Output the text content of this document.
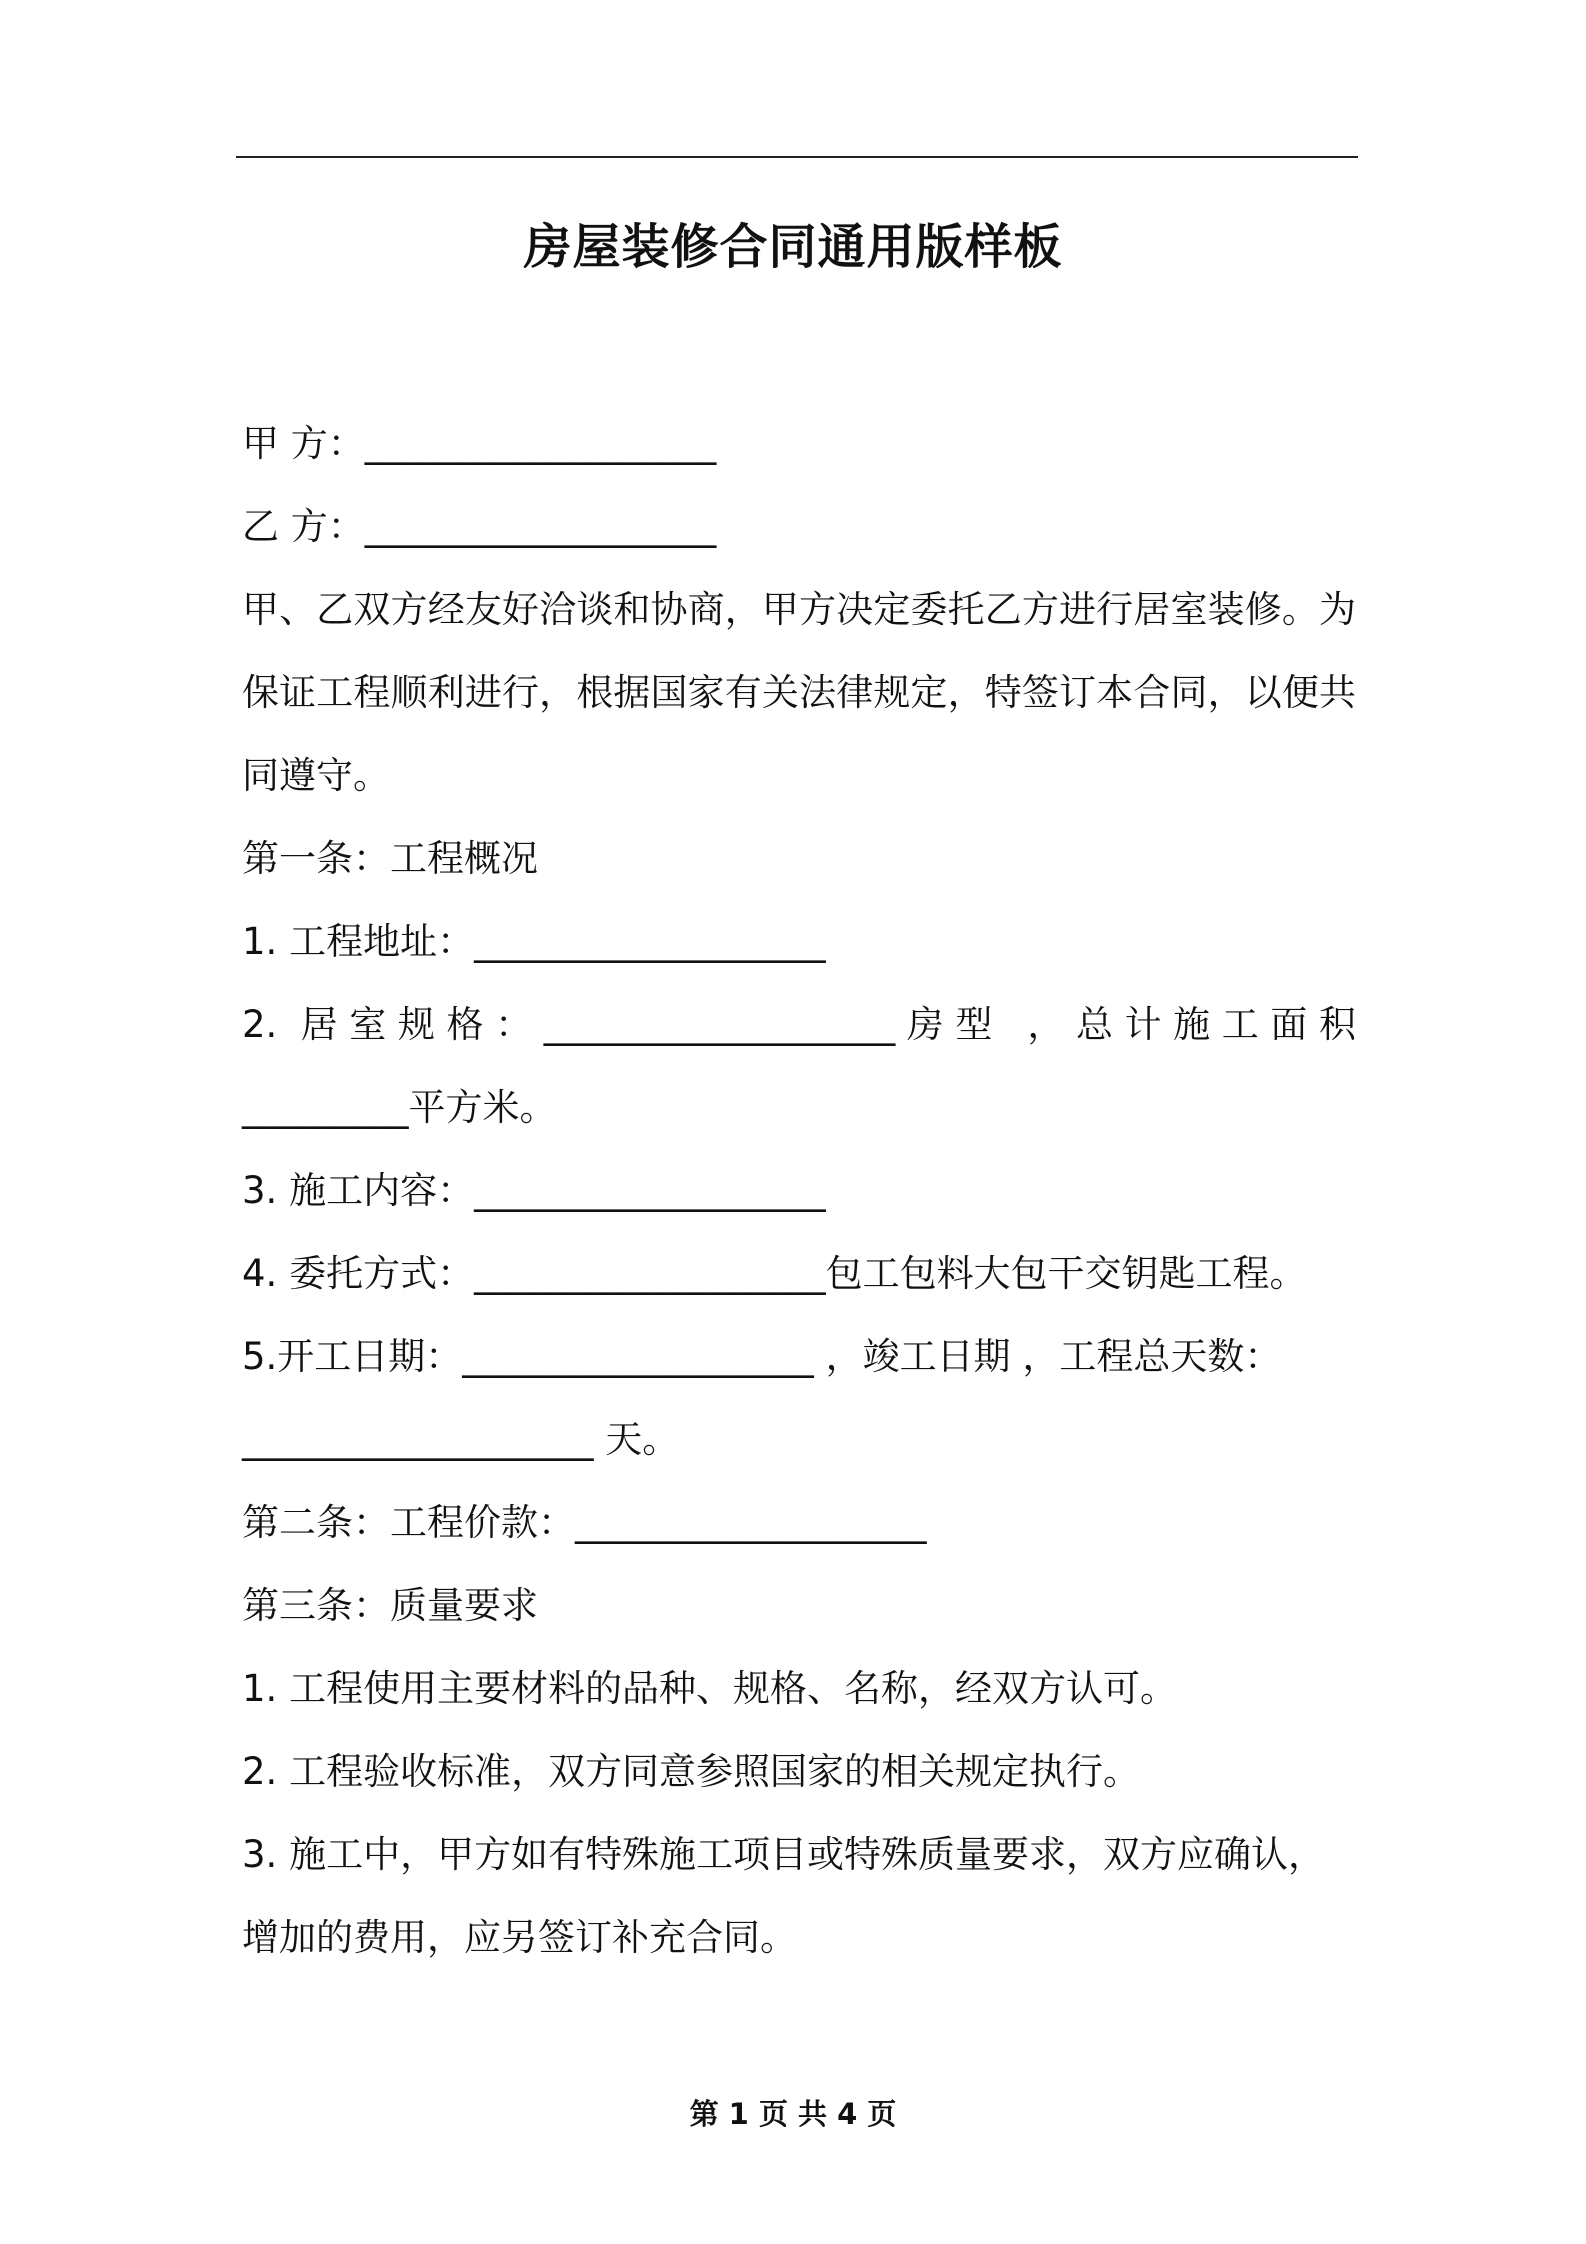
房屋装修合同通用版样板
甲 方：___________________
乙 方：___________________
甲、乙双方经友好洽谈和协商，甲方决定委托乙方进行居室装修。为
保证工程顺利进行，根据国家有关法律规定，特签订本合同，以便共
同遵守。
第一条：工程概况
1. 工程地址：___________________
2. 居室规格：___________________房型 ，总计施工面积
_________平方米。
3. 施工内容：___________________
4. 委托方式：___________________包工包料大包干交钥匙工程。
5.开工日期：___________________ ，竣工日期 ，工程总天数：
___________________ 天。
第二条：工程价款：___________________
第三条：质量要求
1. 工程使用主要材料的品种、规格、名称，经双方认可。
2. 工程验收标准，双方同意参照国家的相关规定执行。
3. 施工中，甲方如有特殊施工项目或特殊质量要求，双方应确认，
增加的费用，应另签订补充合同。
第 1 页 共 4 页
